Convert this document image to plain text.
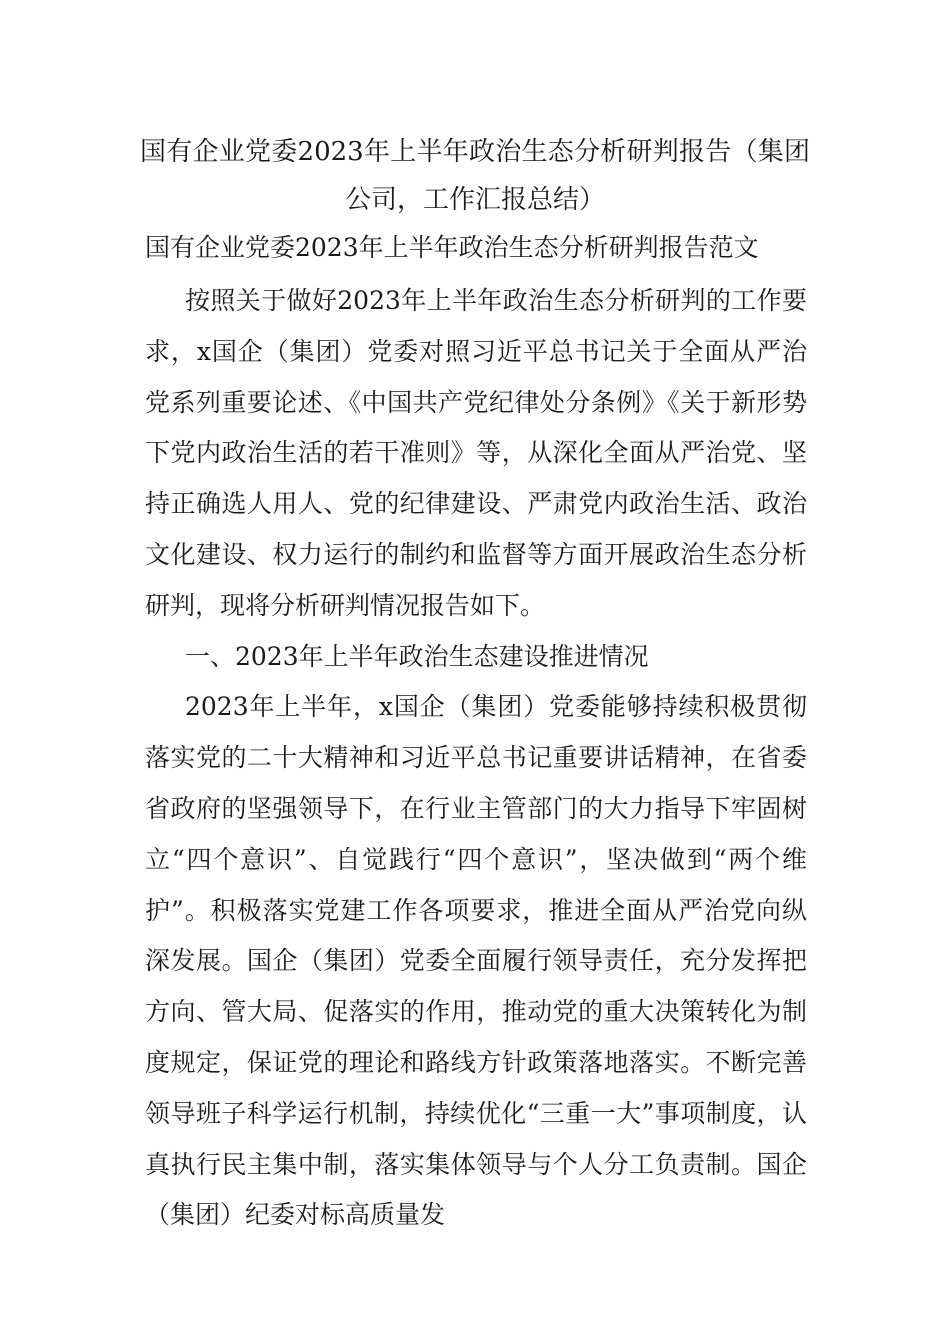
国有企业党委2023年上半年政治生态分析研判报告（集团公司，工作汇报总结）

国有企业党委2023年上半年政治生态分析研判报告范文

按照关于做好2023年上半年政治生态分析研判的工作要求，x国企（集团）党委对照习近平总书记关于全面从严治党系列重要论述、《中国共产党纪律处分条例》《关于新形势下党内政治生活的若干准则》等，从深化全面从严治党、坚持正确选人用人、党的纪律建设、严肃党内政治生活、政治文化建设、权力运行的制约和监督等方面开展政治生态分析研判，现将分析研判情况报告如下。

一、2023年上半年政治生态建设推进情况

2023年上半年，x国企（集团）党委能够持续积极贯彻落实党的二十大精神和习近平总书记重要讲话精神，在省委省政府的坚强领导下，在行业主管部门的大力指导下牢固树立“四个意识”、自觉践行“四个意识”，坚决做到“两个维护”。积极落实党建工作各项要求，推进全面从严治党向纵深发展。国企（集团）党委全面履行领导责任，充分发挥把方向、管大局、促落实的作用，推动党的重大决策转化为制度规定，保证党的理论和路线方针政策落地落实。不断完善领导班子科学运行机制，持续优化“三重一大”事项制度，认真执行民主集中制，落实集体领导与个人分工负责制。国企（集团）纪委对标高质量发
